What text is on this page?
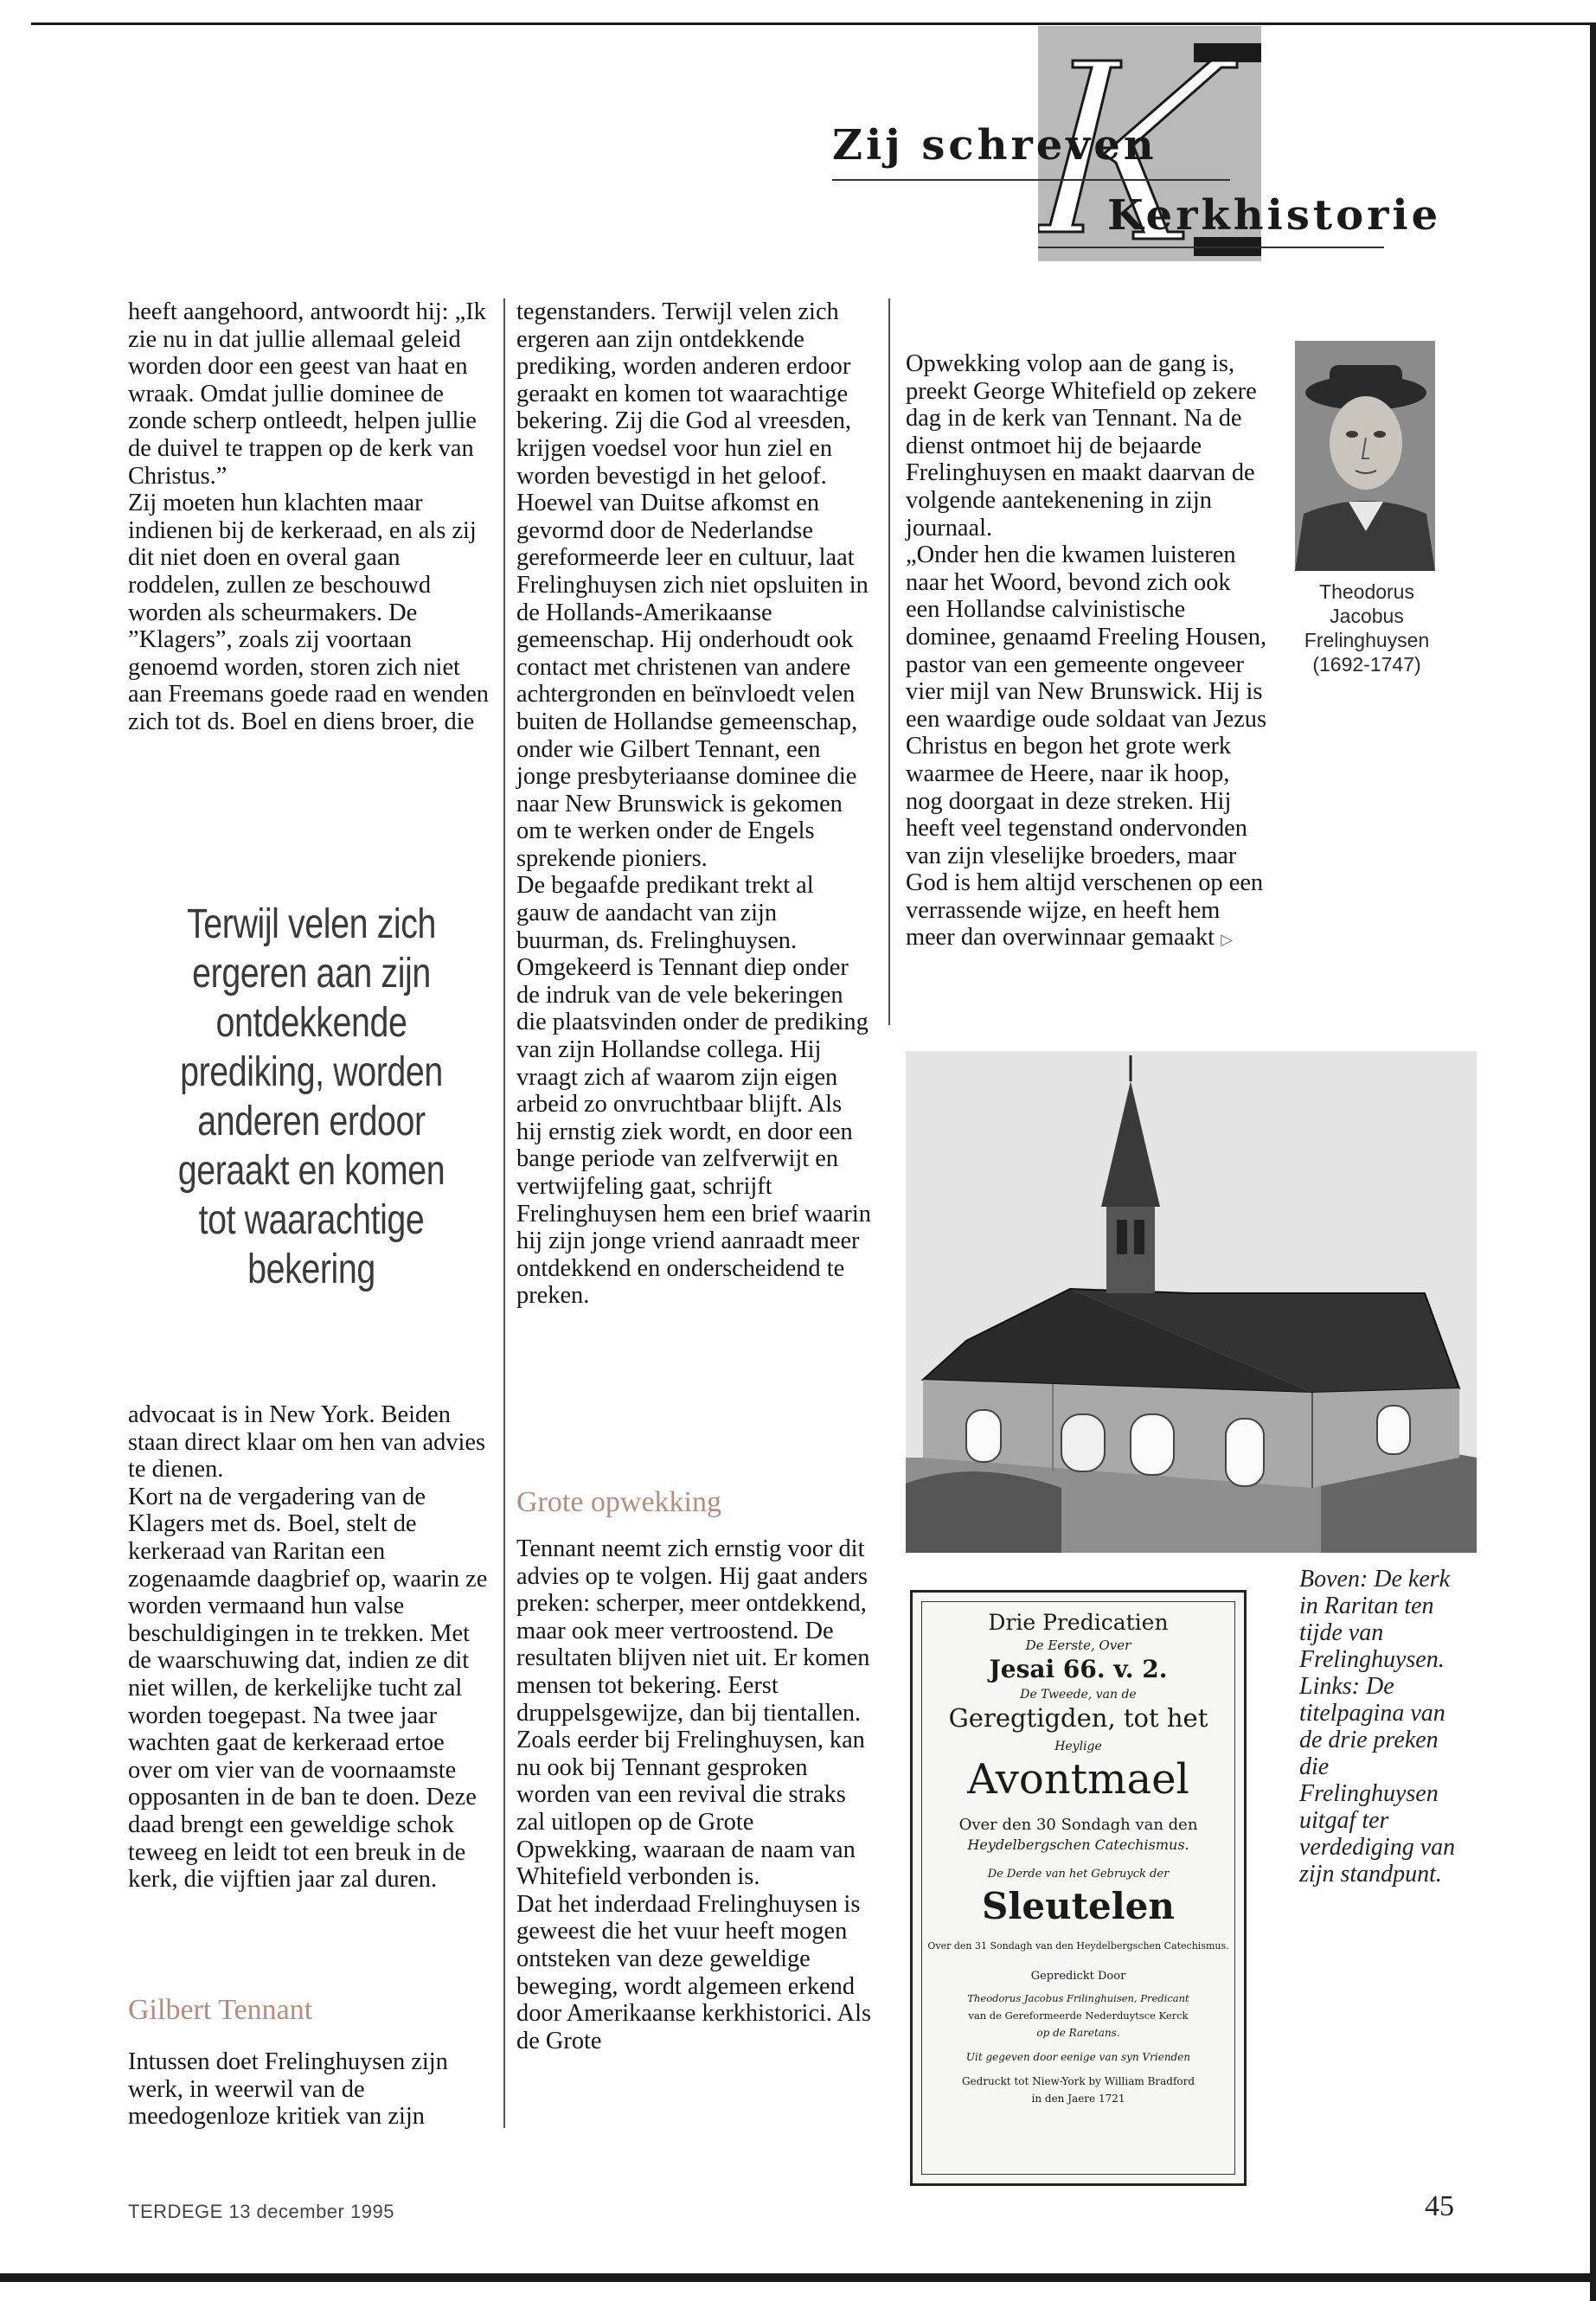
Zij schreven
Kerkhistorie

heeft aangehoord, antwoordt hij: „Ik zie nu in dat jullie allemaal geleid worden door een geest van haat en wraak. Omdat jullie dominee de zonde scherp ontleedt, helpen jullie de duivel te trappen op de kerk van Christus.”

Zij moeten hun klachten maar indienen bij de kerkeraad, en als zij dit niet doen en overal gaan roddelen, zullen ze beschouwd worden als scheurmakers. De ”Klagers”, zoals zij voortaan genoemd worden, storen zich niet aan Freemans goede raad en wenden zich tot ds. Boel en diens broer, die

Terwijl velen zich ergeren aan zijn ontdekkende prediking, worden anderen erdoor geraakt en komen tot waarachtige bekering

advocaat is in New York. Beiden staan direct klaar om hen van advies te dienen.

Kort na de vergadering van de Klagers met ds. Boel, stelt de kerkeraad van Raritan een zogenaamde daagbrief op, waarin ze worden vermaand hun valse beschuldigingen in te trekken. Met de waarschuwing dat, indien ze dit niet willen, de kerkelijke tucht zal worden toegepast. Na twee jaar wachten gaat de kerkeraad ertoe over om vier van de voornaamste opposanten in de ban te doen. Deze daad brengt een geweldige schok teweeg en leidt tot een breuk in de kerk, die vijftien jaar zal duren.

Gilbert Tennant

Intussen doet Frelinghuysen zijn werk, in weerwil van de meedogenloze kritiek van zijn

tegenstanders. Terwijl velen zich ergeren aan zijn ontdekkende prediking, worden anderen erdoor geraakt en komen tot waarachtige bekering. Zij die God al vreesden, krijgen voedsel voor hun ziel en worden bevestigd in het geloof.

Hoewel van Duitse afkomst en gevormd door de Nederlandse gereformeerde leer en cultuur, laat Frelinghuysen zich niet opsluiten in de Hollands-Amerikaanse gemeenschap. Hij onderhoudt ook contact met christenen van andere achtergronden en beïnvloedt velen buiten de Hollandse gemeenschap, onder wie Gilbert Tennant, een jonge presbyteriaanse dominee die naar New Brunswick is gekomen om te werken onder de Engels sprekende pioniers.

De begaafde predikant trekt al gauw de aandacht van zijn buurman, ds. Frelinghuysen. Omgekeerd is Tennant diep onder de indruk van de vele bekeringen die plaatsvinden onder de prediking van zijn Hollandse collega. Hij vraagt zich af waarom zijn eigen arbeid zo onvruchtbaar blijft. Als hij ernstig ziek wordt, en door een bange periode van zelfverwijt en vertwijfeling gaat, schrijft Frelinghuysen hem een brief waarin hij zijn jonge vriend aanraadt meer ontdekkend en onderscheidend te preken.

Grote opwekking

Tennant neemt zich ernstig voor dit advies op te volgen. Hij gaat anders preken: scherper, meer ontdekkend, maar ook meer vertroostend. De resultaten blijven niet uit. Er komen mensen tot bekering. Eerst druppelsgewijze, dan bij tientallen. Zoals eerder bij Frelinghuysen, kan nu ook bij Tennant gesproken worden van een revival die straks zal uitlopen op de Grote Opwekking, waaraan de naam van Whitefield verbonden is.

Dat het inderdaad Frelinghuysen is geweest die het vuur heeft mogen ontsteken van deze geweldige beweging, wordt algemeen erkend door Amerikaanse kerkhistorici. Als de Grote

Opwekking volop aan de gang is, preekt George Whitefield op zekere dag in de kerk van Tennant. Na de dienst ontmoet hij de bejaarde Frelinghuysen en maakt daarvan de volgende aantekenening in zijn journaal.

„Onder hen die kwamen luisteren naar het Woord, bevond zich ook een Hollandse calvinistische dominee, genaamd Freeling Housen, pastor van een gemeente ongeveer vier mijl van New Brunswick. Hij is een waardige oude soldaat van Jezus Christus en begon het grote werk waarmee de Heere, naar ik hoop, nog doorgaat in deze streken. Hij heeft veel tegenstand ondervonden van zijn vleselijke broeders, maar God is hem altijd verschenen op een verrassende wijze, en heeft hem meer dan overwinnaar gemaakt ▷

Theodorus
Jacobus
Frelinghuysen
(1692-1747)
Drie Predicatien
De Eerste, Over
Jesai 66. v. 2.
De Tweede, van de
Geregtigden, tot het
Heylige
Avontmael
Over den 30 Sondagh van den
Heydelbergschen Catechismus.
De Derde van het Gebruyck der
Sleutelen
Over den 31 Sondagh van den Heydelbergschen Catechismus.
Gepredickt Door
Theodorus Jacobus Frilinghuisen, Predicant
van de Gereformeerde Nederduytsce Kerck
op de Raretans.
Uit gegeven door eenige van syn Vrienden
Gedruckt tot Niew-York by William Bradford
in den Jaere 1721
Boven: De kerk in Raritan ten tijde van Frelinghuysen. Links: De titelpagina van de drie preken die Frelinghuysen uitgaf ter verdediging van zijn standpunt.
TERDEGE 13 december 1995	45
